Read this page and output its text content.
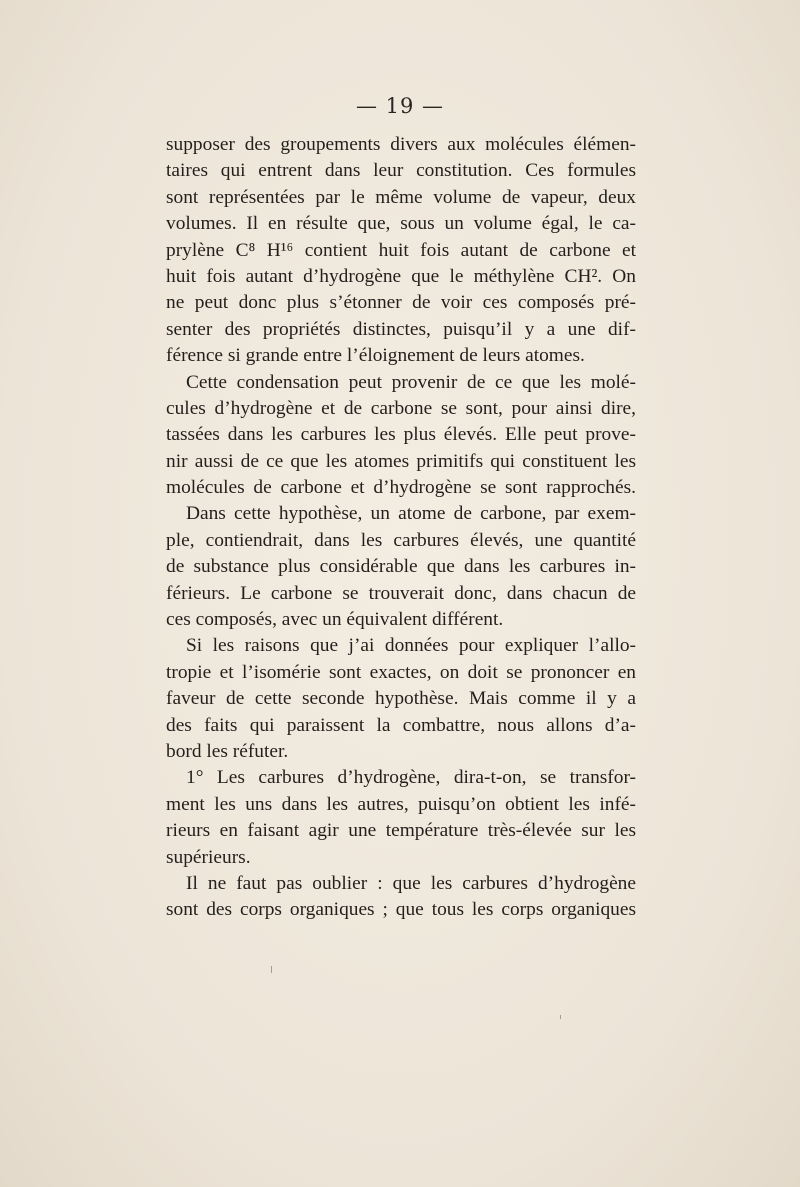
— 19 —
supposer des groupements divers aux molécules élémen-
taires qui entrent dans leur constitution. Ces formules
sont représentées par le même volume de vapeur, deux
volumes. Il en résulte que, sous un volume égal, le ca-
prylène C⁸ H¹⁶ contient huit fois autant de carbone et
huit fois autant d’hydrogène que le méthylène CH². On
ne peut donc plus s’étonner de voir ces composés pré-
senter des propriétés distinctes, puisqu’il y a une dif-
férence si grande entre l’éloignement de leurs atomes.
Cette condensation peut provenir de ce que les molé-
cules d’hydrogène et de carbone se sont, pour ainsi dire,
tassées dans les carbures les plus élevés. Elle peut prove-
nir aussi de ce que les atomes primitifs qui constituent les
molécules de carbone et d’hydrogène se sont rapprochés.
Dans cette hypothèse, un atome de carbone, par exem-
ple, contiendrait, dans les carbures élevés, une quantité
de substance plus considérable que dans les carbures in-
férieurs. Le carbone se trouverait donc, dans chacun de
ces composés, avec un équivalent différent.
Si les raisons que j’ai données pour expliquer l’allo-
tropie et l’isomérie sont exactes, on doit se prononcer en
faveur de cette seconde hypothèse. Mais comme il y a
des faits qui paraissent la combattre, nous allons d’a-
bord les réfuter.
1° Les carbures d’hydrogène, dira-t-on, se transfor-
ment les uns dans les autres, puisqu’on obtient les infé-
rieurs en faisant agir une température très-élevée sur les
supérieurs.
Il ne faut pas oublier : que les carbures d’hydrogène
sont des corps organiques ; que tous les corps organiques
